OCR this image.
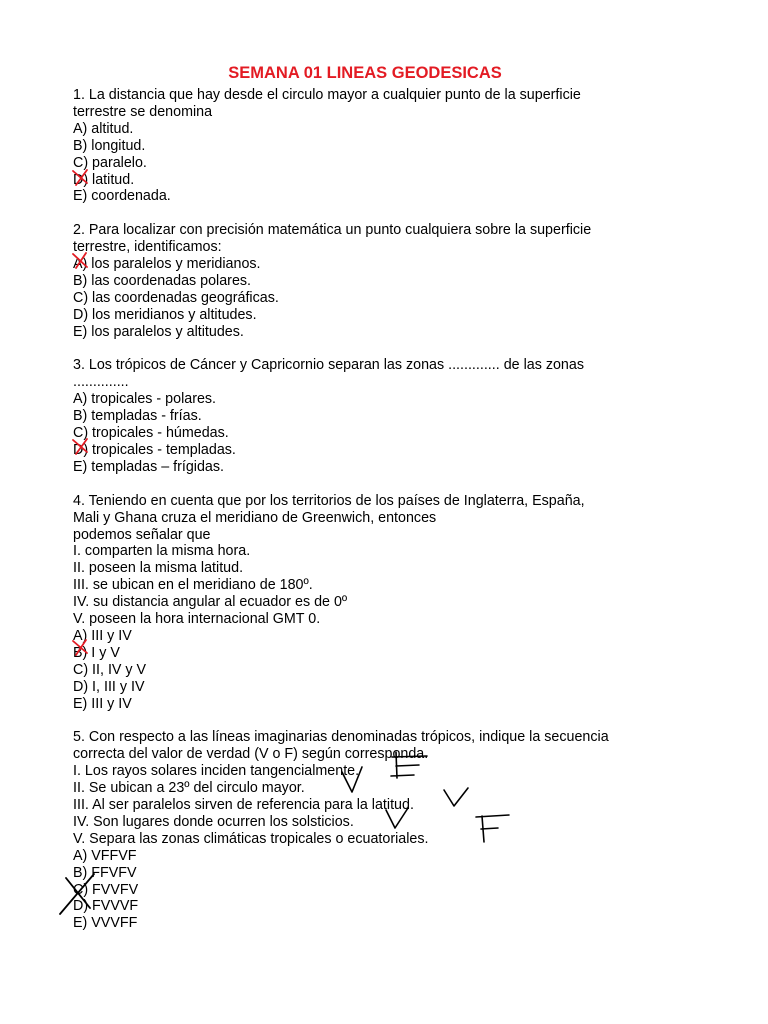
SEMANA 01 LINEAS GEODESICAS
1. La distancia que hay desde el circulo mayor a cualquier punto de la superficie
terrestre se denomina
A) altitud.
B) longitud.
C) paralelo.
D) latitud.
E) coordenada.
2. Para localizar con precisión matemática un punto cualquiera sobre la superficie
terrestre, identificamos:
A) los paralelos y meridianos.
B) las coordenadas polares.
C) las coordenadas geográficas.
D) los meridianos y altitudes.
E) los paralelos y altitudes.
3. Los trópicos de Cáncer y Capricornio separan las zonas ............. de las zonas
..............
A) tropicales - polares.
B) templadas - frías.
C) tropicales - húmedas.
D) tropicales - templadas.
E) templadas – frígidas.
4. Teniendo en cuenta que por los territorios de los países de Inglaterra, España,
Mali y Ghana cruza el meridiano de Greenwich, entonces
podemos señalar que
I. comparten la misma hora.
II. poseen la misma latitud.
III. se ubican en el meridiano de 180º.
IV. su distancia angular al ecuador es de 0º
V. poseen la hora internacional GMT 0.
A) III y IV
B) I y V
C) II, IV y V
D) I, III y IV
E) III y IV
5. Con respecto a las líneas imaginarias denominadas trópicos, indique la secuencia
correcta del valor de verdad (V o F) según corresponda.
I. Los rayos solares inciden tangencialmente.
II. Se ubican a 23º del circulo mayor.
III. Al ser paralelos sirven de referencia para la latitud.
IV. Son lugares donde ocurren los solsticios.
V. Separa las zonas climáticas tropicales o ecuatoriales.
A) VFFVF
B) FFVFV
C) FVVFV
D) FVVVF
E) VVVFF
